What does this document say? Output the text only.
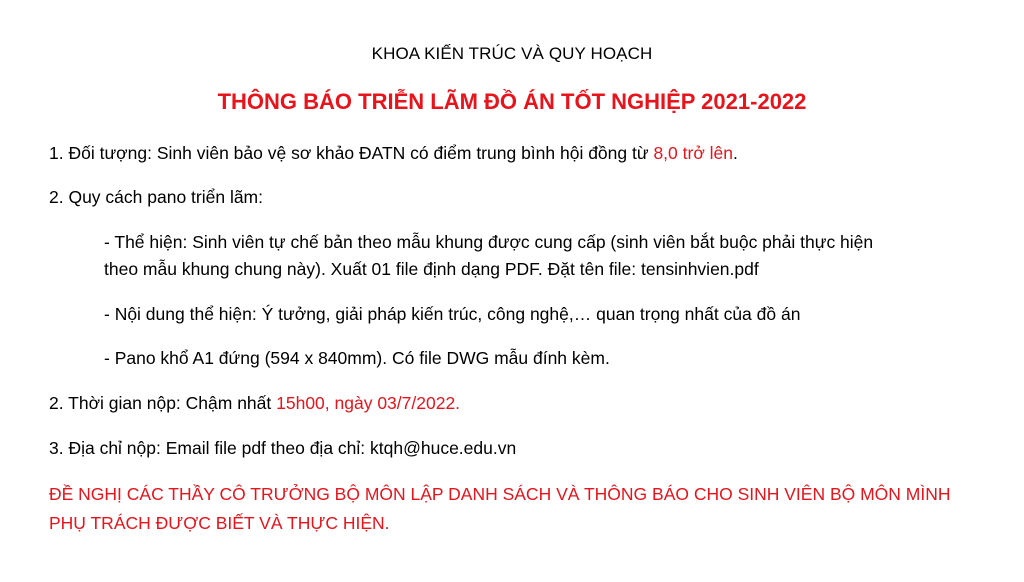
KHOA KIẾN TRÚC VÀ QUY HOẠCH
THÔNG BÁO TRIỄN LÃM ĐỒ ÁN TỐT NGHIỆP 2021-2022
1. Đối tượng: Sinh viên bảo vệ sơ khảo ĐATN có điểm trung bình hội đồng từ 8,0 trở lên.
2. Quy cách pano triển lãm:
- Thể hiện: Sinh viên tự chế bản theo mẫu khung được cung cấp (sinh viên bắt buộc phải thực hiện
theo mẫu khung chung này). Xuất 01 file định dạng PDF. Đặt tên file: tensinhvien.pdf
- Nội dung thể hiện: Ý tưởng, giải pháp kiến trúc, công nghệ,… quan trọng nhất của đồ án
- Pano khổ A1 đứng (594 x 840mm). Có file DWG mẫu đính kèm.
2. Thời gian nộp: Chậm nhất 15h00, ngày 03/7/2022.
3. Địa chỉ nộp: Email file pdf theo địa chỉ: ktqh@huce.edu.vn
ĐỀ NGHỊ CÁC THẦY CÔ TRƯỞNG BỘ MÔN LẬP DANH SÁCH VÀ THÔNG BÁO CHO SINH VIÊN BỘ MÔN MÌNH PHỤ TRÁCH ĐƯỢC BIẾT VÀ THỰC HIỆN.
